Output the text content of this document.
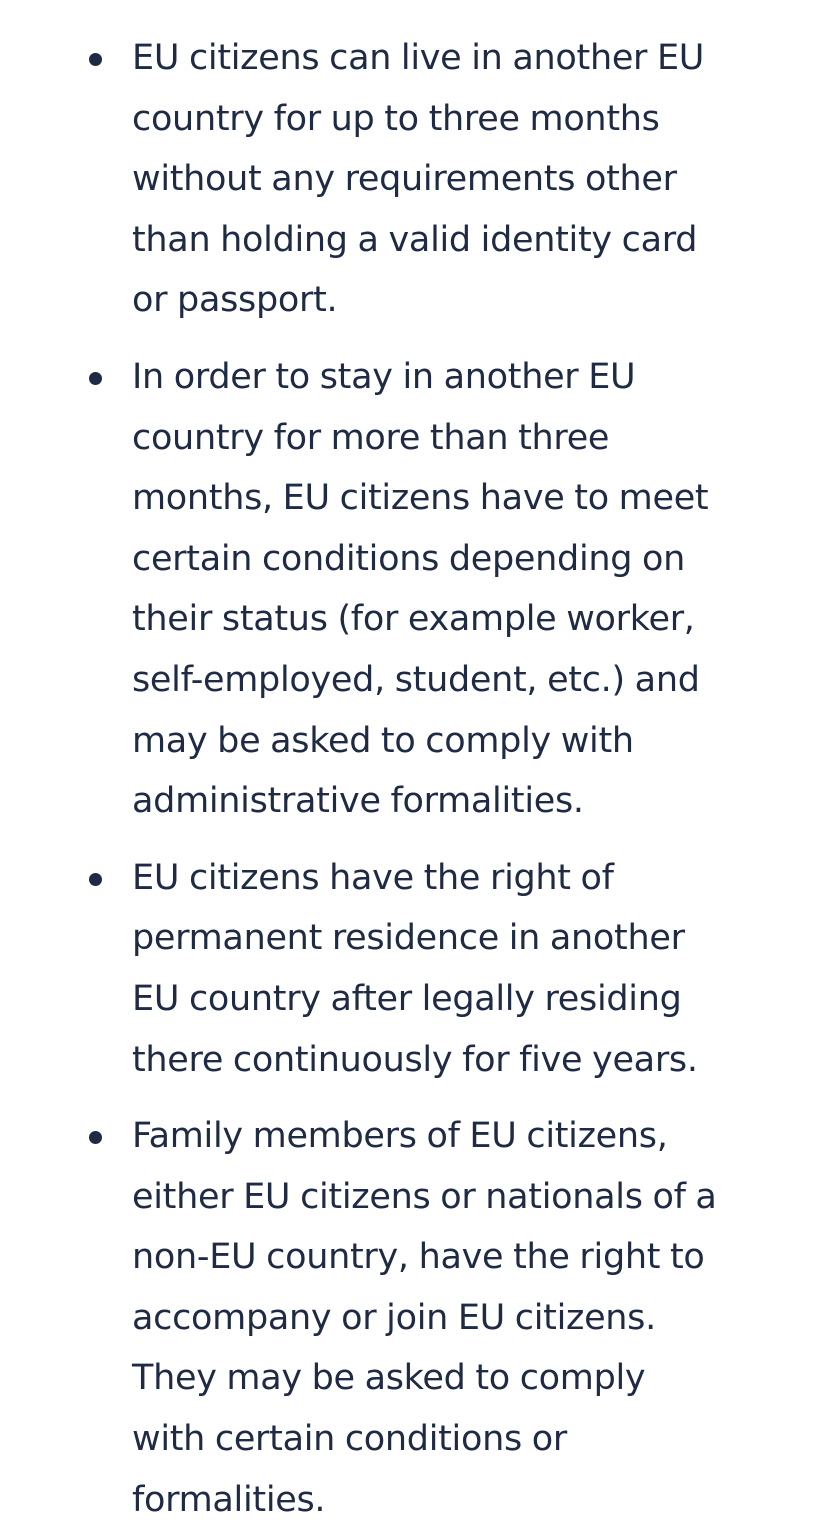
EU citizens can live in another EU
country for up to three months
without any requirements other
than holding a valid identity card
or passport.
In order to stay in another EU
country for more than three
months, EU citizens have to meet
certain conditions depending on
their status (for example worker,
self-employed, student, etc.) and
may be asked to comply with
administrative formalities.
EU citizens have the right of
permanent residence in another
EU country after legally residing
there continuously for five years.
Family members of EU citizens,
either EU citizens or nationals of a
non-EU country, have the right to
accompany or join EU citizens.
They may be asked to comply
with certain conditions or
formalities.
